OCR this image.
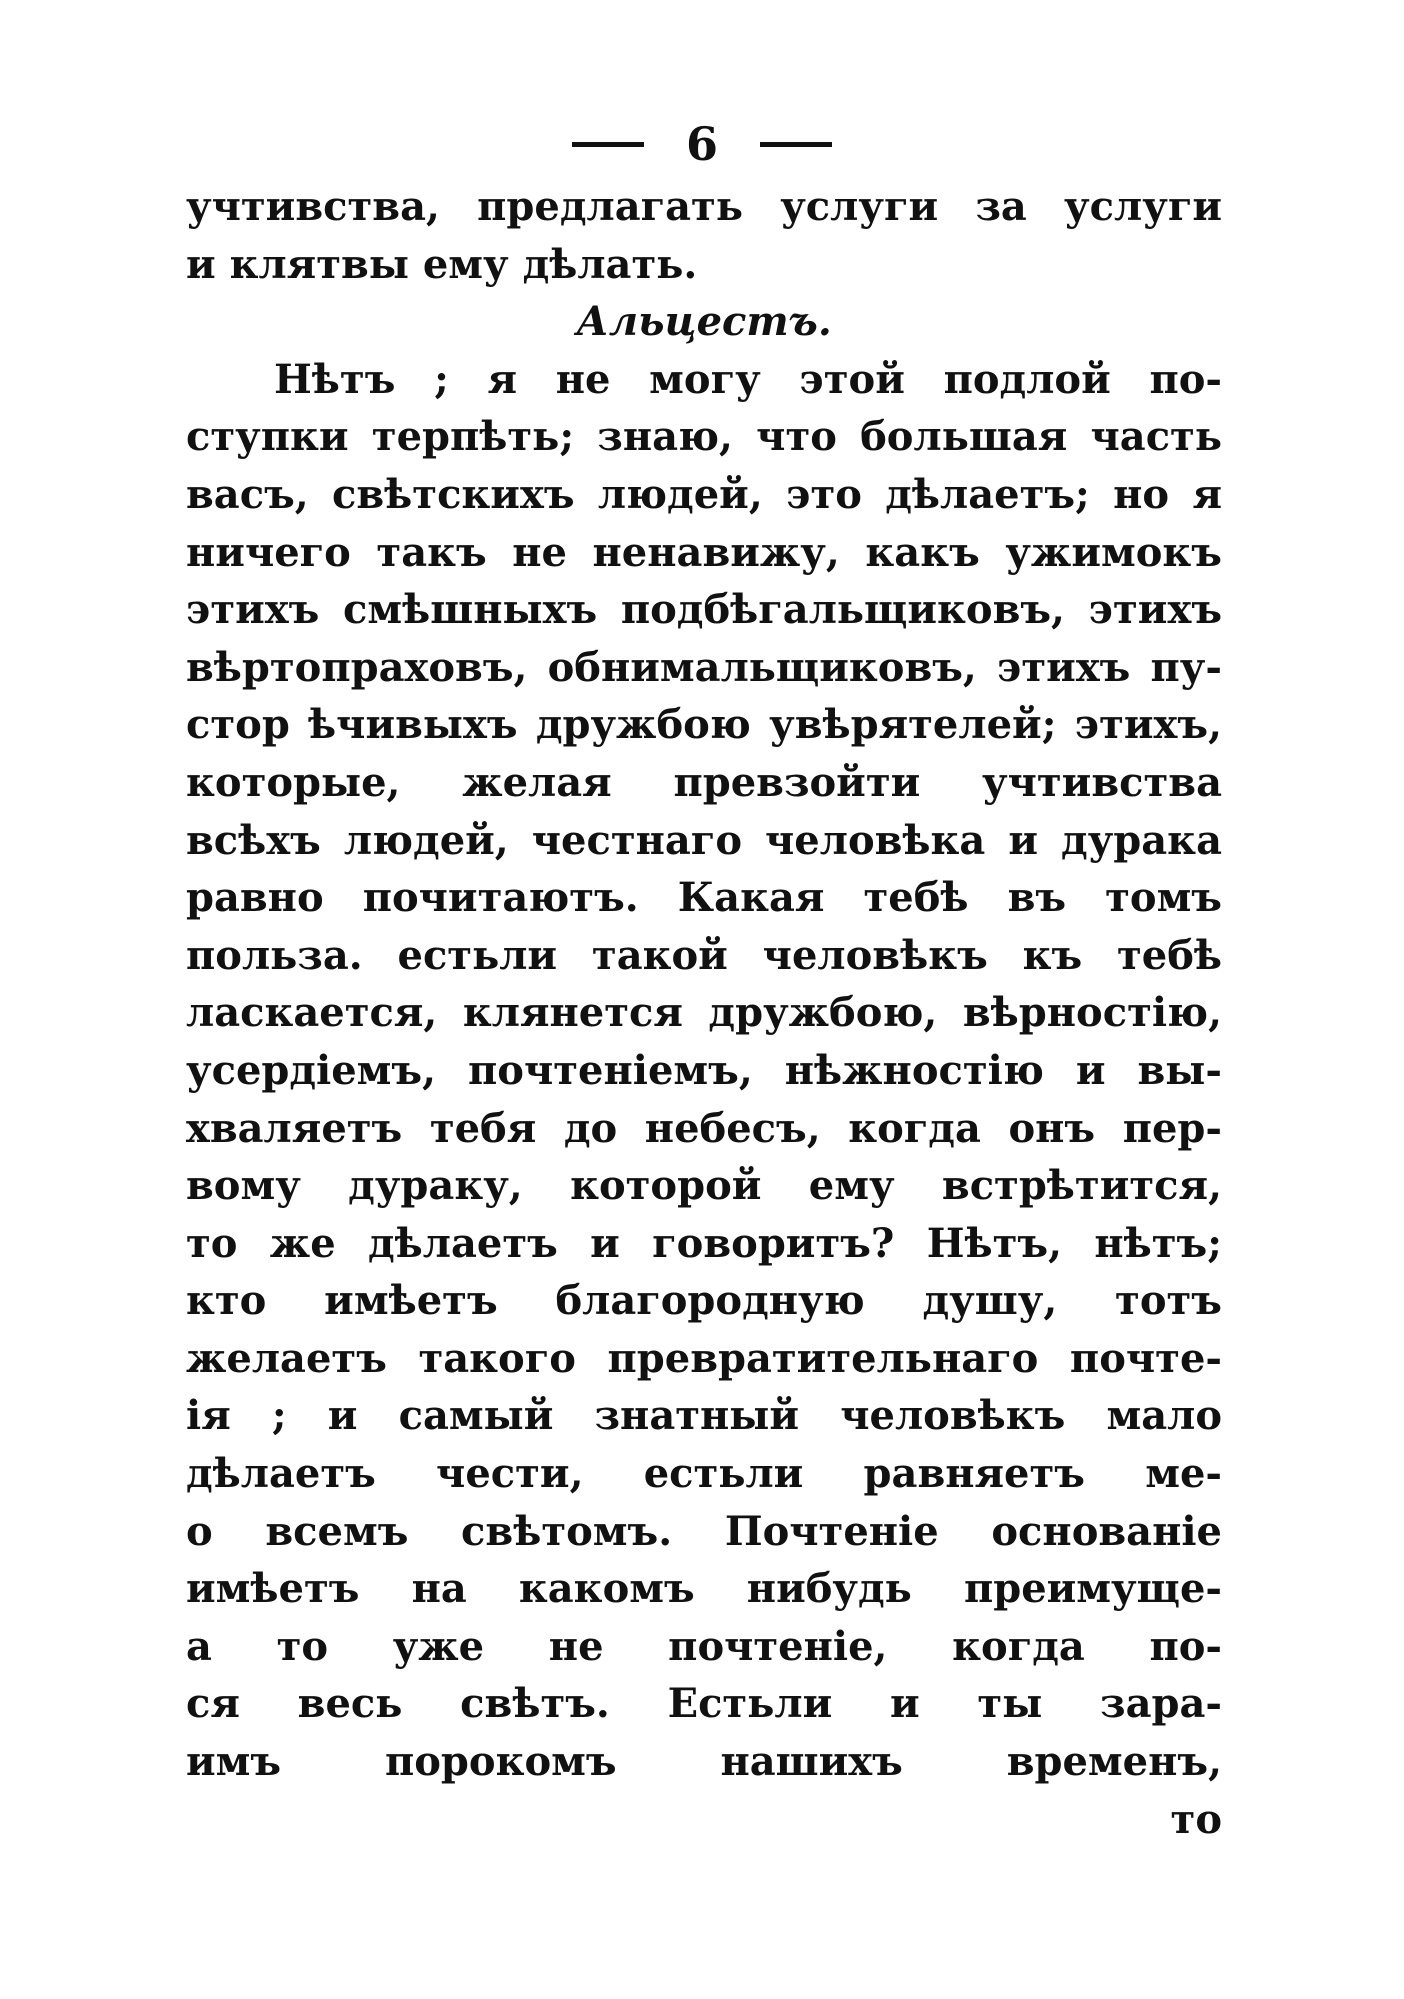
6
учтивства, предлагать услуги за услуги
и клятвы ему дѣлать.
Альцестъ.
Нѣтъ ; я не могу этой подлой по-
ступки терпѣть; знаю, что большая часть
васъ, свѣтскихъ людей, это дѣлаетъ; но я
ничего такъ не ненавижу, какъ ужимокъ
этихъ смѣшныхъ подбѣгальщиковъ, этихъ
вѣртопраховъ, обнимальщиковъ, этихъ пу-
стор ѣчивыхъ дружбою увѣрятелей; этихъ,
которые, желая превзойти учтивства
всѣхъ людей, честнаго человѣка и дурака
равно почитаютъ. Какая тебѣ въ томъ
польза. естьли такой человѣкъ къ тебѣ
ласкается, клянется дружбою, вѣрностію,
усердіемъ, почтеніемъ, нѣжностію и вы-
хваляетъ тебя до небесъ, когда онъ пер-
вому дураку, которой ему встрѣтится,
то же дѣлаетъ и говоритъ? Нѣтъ, нѣтъ;
кто имѣетъ благородную душу, тотъ
желаетъ такого превратительнаго почте-
ія ; и самый знатный человѣкъ мало
дѣлаетъ чести, естьли равняетъ ме-
о всемъ свѣтомъ. Почтеніе основаніе
имѣетъ на какомъ нибудь преимуще-
а то уже не почтеніе, когда по-
ся весь свѣтъ. Естьли и ты зара-
имъ порокомъ нашихъ временъ,
то
